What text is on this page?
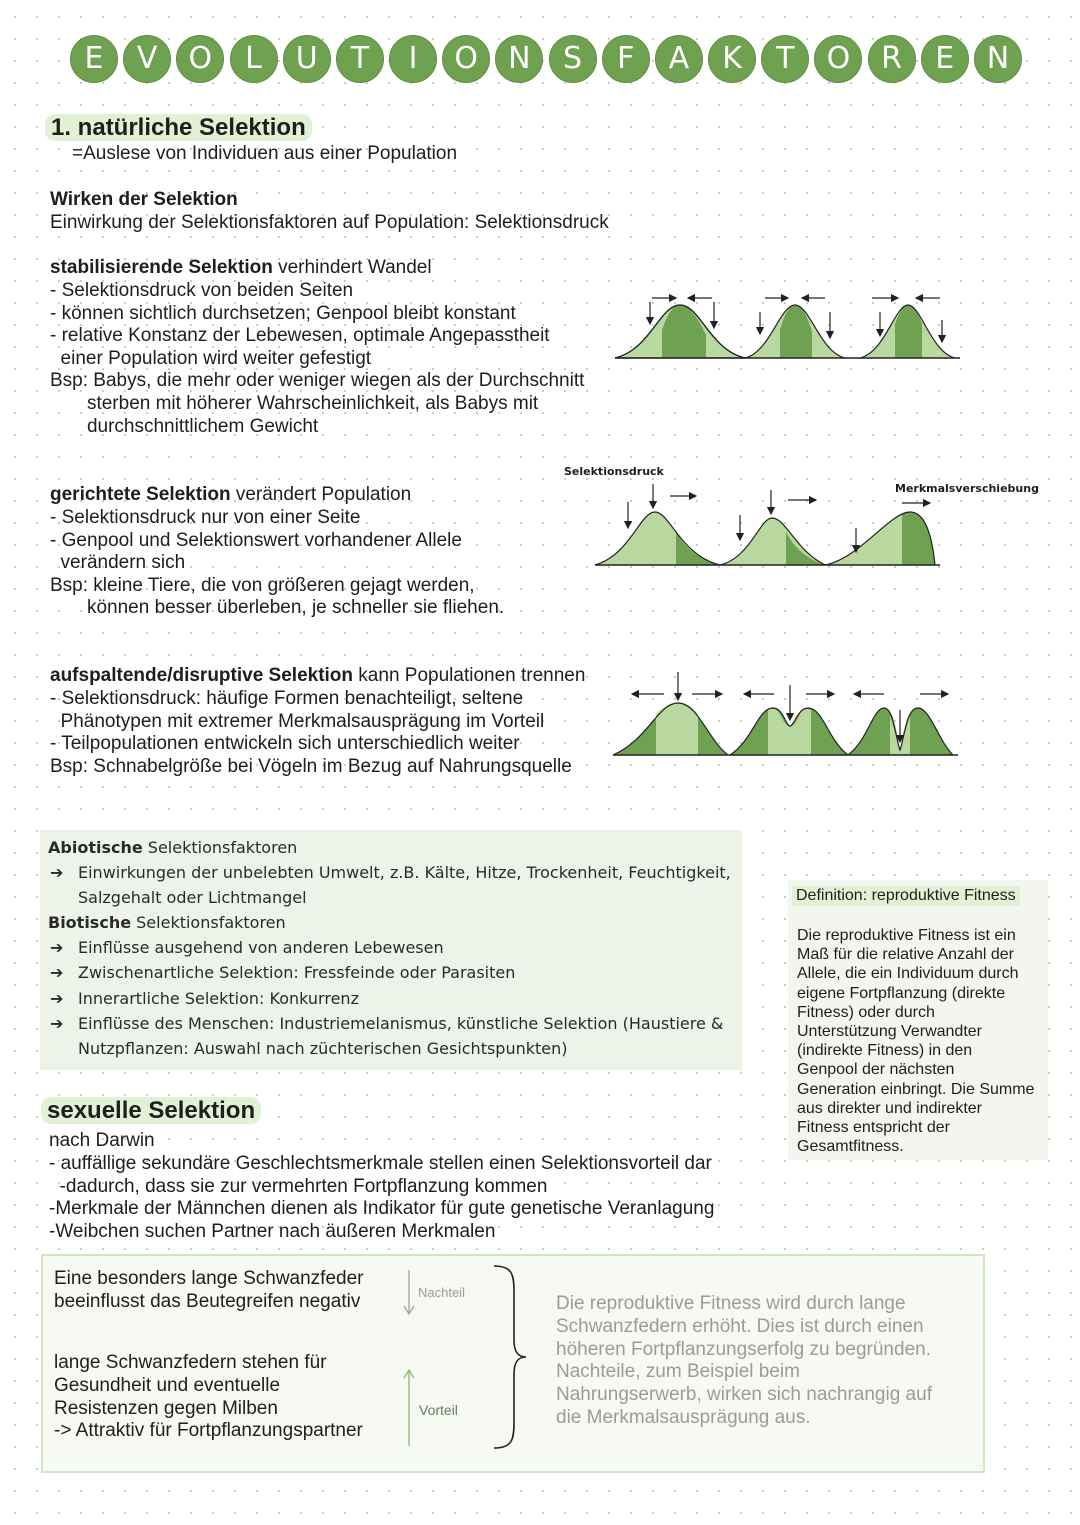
E	V	O	L	U	T	I	O	N	S	F	A	K	T	O	R	E	N
1. natürliche Selektion
=Auslese von Individuen aus einer Population
Wirken der Selektion
Einwirkung der Selektionsfaktoren auf Population: Selektionsdruck
stabilisierende Selektion verhindert Wandel
- Selektionsdruck von beiden Seiten
- können sichtlich durchsetzen; Genpool bleibt konstant
- relative Konstanz der Lebewesen, optimale Angepasstheit
einer Population wird weiter gefestigt
Bsp: Babys, die mehr oder weniger wiegen als der Durchschnitt
sterben mit höherer Wahrscheinlichkeit, als Babys mit
durchschnittlichem Gewicht
gerichtete Selektion verändert Population
- Selektionsdruck nur von einer Seite
- Genpool und Selektionswert vorhandener Allele
verändern sich
Bsp: kleine Tiere, die von größeren gejagt werden,
können besser überleben, je schneller sie fliehen.
Selektionsdruck
Merkmalsverschiebung
aufspaltende/disruptive Selektion kann Populationen trennen
- Selektionsdruck: häufige Formen benachteiligt, seltene
Phänotypen mit extremer Merkmalsausprägung im Vorteil
- Teilpopulationen entwickeln sich unterschiedlich weiter
Bsp: Schnabelgröße bei Vögeln im Bezug auf Nahrungsquelle
Abiotische Selektionsfaktoren
➔ Einwirkungen der unbelebten Umwelt, z.B. Kälte, Hitze, Trockenheit, Feuchtigkeit,
Salzgehalt oder Lichtmangel
Biotische Selektionsfaktoren
➔ Einflüsse ausgehend von anderen Lebewesen
➔ Zwischenartliche Selektion: Fressfeinde oder Parasiten
➔ Innerartliche Selektion: Konkurrenz
➔ Einflüsse des Menschen: Industriemelanismus, künstliche Selektion (Haustiere &
Nutzpflanzen: Auswahl nach züchterischen Gesichtspunkten)
Definition: reproduktive Fitness
Die reproduktive Fitness ist ein
Maß für die relative Anzahl der
Allele, die ein Individuum durch
eigene Fortpflanzung (direkte
Fitness) oder durch
Unterstützung Verwandter
(indirekte Fitness) in den
Genpool der nächsten
Generation einbringt. Die Summe
aus direkter und indirekter
Fitness entspricht der
Gesamtfitness.
sexuelle Selektion
nach Darwin
- auffällige sekundäre Geschlechtsmerkmale stellen einen Selektionsvorteil dar
-dadurch, dass sie zur vermehrten Fortpflanzung kommen
-Merkmale der Männchen dienen als Indikator für gute genetische Veranlagung
-Weibchen suchen Partner nach äußeren Merkmalen
Eine besonders lange Schwanzfeder
beeinflusst das Beutegreifen negativ
lange Schwanzfedern stehen für
Gesundheit und eventuelle
Resistenzen gegen Milben
-> Attraktiv für Fortpflanzungspartner
Nachteil
Vorteil
Die reproduktive Fitness wird durch lange
Schwanzfedern erhöht. Dies ist durch einen
höheren Fortpflanzungserfolg zu begründen.
Nachteile, zum Beispiel beim
Nahrungserwerb, wirken sich nachrangig auf
die Merkmalsausprägung aus.
